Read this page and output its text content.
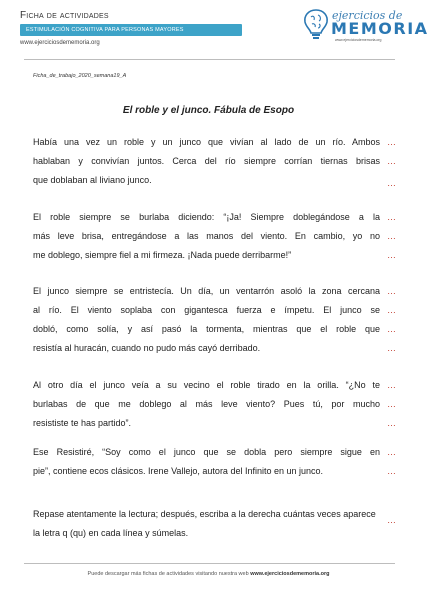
Ficha de actividades
ESTIMULACIÓN COGNITIVA PARA PERSONAS MAYORES
www.ejerciciosdememoria.org
ejercicios de
MEMORIA
www.ejerciciosdememoria.org
Ficha_de_trabajo_2020_semana19_A
El roble y el junco. Fábula de Esopo

Había una vez un roble y un junco que vivían al lado de un río. Ambos

hablaban y convivían juntos. Cerca del río siempre corrían tiernas brisas

que doblaban al liviano junco.

El roble siempre se burlaba diciendo: “¡Ja! Siempre doblegándose a la

más leve brisa, entregándose a las manos del viento. En cambio, yo no

me doblego, siempre fiel a mi firmeza. ¡Nada puede derribarme!”

El junco siempre se entristecía. Un día, un ventarrón asoló la zona cercana

al río. El viento soplaba con gigantesca fuerza e ímpetu. El junco se

dobló, como solía, y así pasó la tormenta, mientras que el roble que

resistía al huracán, cuando no pudo más cayó derribado.

Al otro día el junco veía a su vecino el roble tirado en la orilla. “¿No te

burlabas de que me doblego al más leve viento? Pues tú, por mucho

resististe te has partido”.

Ese Resistiré, “Soy como el junco que se dobla pero siempre sigue en

pie”, contiene ecos clásicos. Irene Vallejo, autora del Infinito en un junco.

…
…
…
…
…
…
…
…
…
…
…
…
…
…
…
Repase atentamente la lectura; después, escriba a la derecha cuántas veces aparece la letra q (qu) en cada línea y súmelas.
…
Puede descargar más fichas de actividades visitando nuestra web www.ejerciciosdememoria.org
